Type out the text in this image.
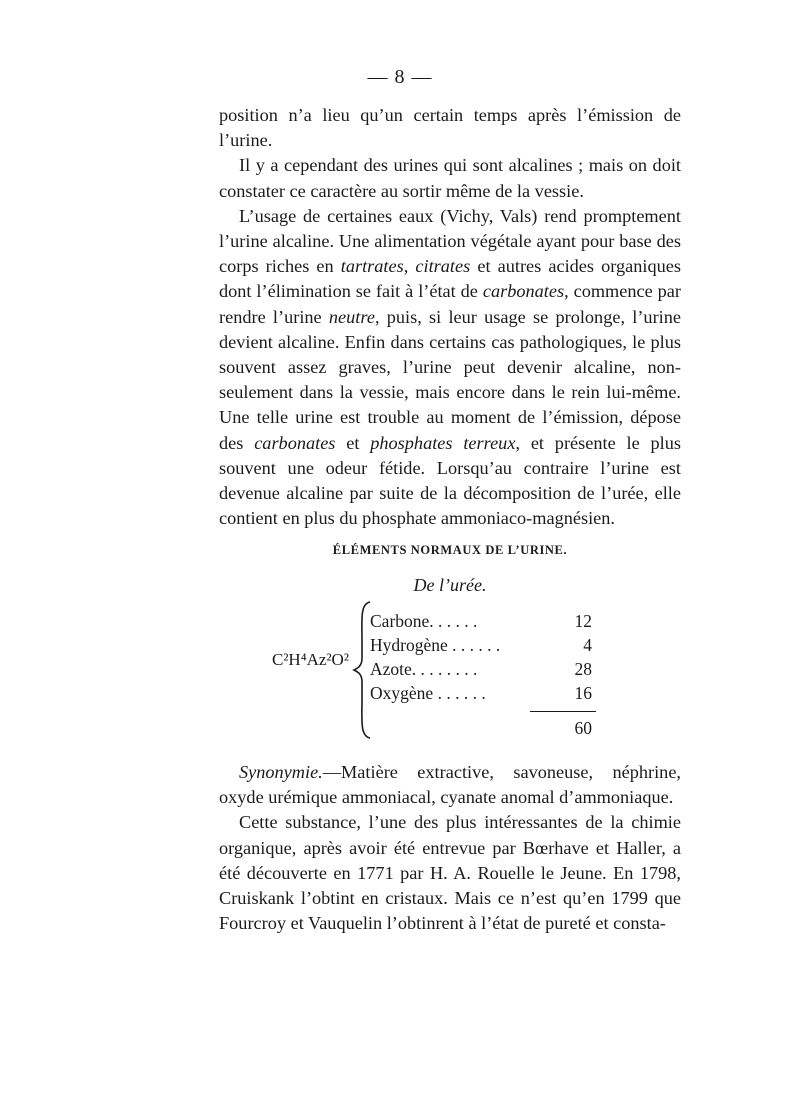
— 8 —

position n’a lieu qu’un certain temps après l’émission de l’urine.

Il y a cependant des urines qui sont alcalines ; mais on doit constater ce caractère au sortir même de la vessie.

L’usage de certaines eaux (Vichy, Vals) rend promptement l’urine alcaline. Une alimentation végétale ayant pour base des corps riches en tartrates, citrates et autres acides organiques dont l’élimination se fait à l’état de carbonates, commence par rendre l’urine neutre, puis, si leur usage se prolonge, l’urine devient alcaline. Enfin dans certains cas pathologiques, le plus souvent assez graves, l’urine peut devenir alcaline, non-seulement dans la vessie, mais encore dans le rein lui-même. Une telle urine est trouble au moment de l’émission, dépose des carbonates et phosphates terreux, et présente le plus souvent une odeur fétide. Lorsqu’au contraire l’urine est devenue alcaline par suite de la décomposition de l’urée, elle contient en plus du phosphate ammoniaco-magnésien.

ÉLÉMENTS NORMAUX DE L’URINE.
De l’urée.
C²H⁴Az²O²
Carbone. . . . . .	12
Hydrogène . . . . . .	4
Azote. . . . . . . .	28
Oxygène . . . . . .	16
60

Synonymie.—Matière extractive, savoneuse, néphrine, oxyde urémique ammoniacal, cyanate anomal d’ammoniaque.

Cette substance, l’une des plus intéressantes de la chimie organique, après avoir été entrevue par Bœrhave et Haller, a été découverte en 1771 par H. A. Rouelle le Jeune. En 1798, Cruiskank l’obtint en cristaux. Mais ce n’est qu’en 1799 que Fourcroy et Vauquelin l’obtinrent à l’état de pureté et consta-
